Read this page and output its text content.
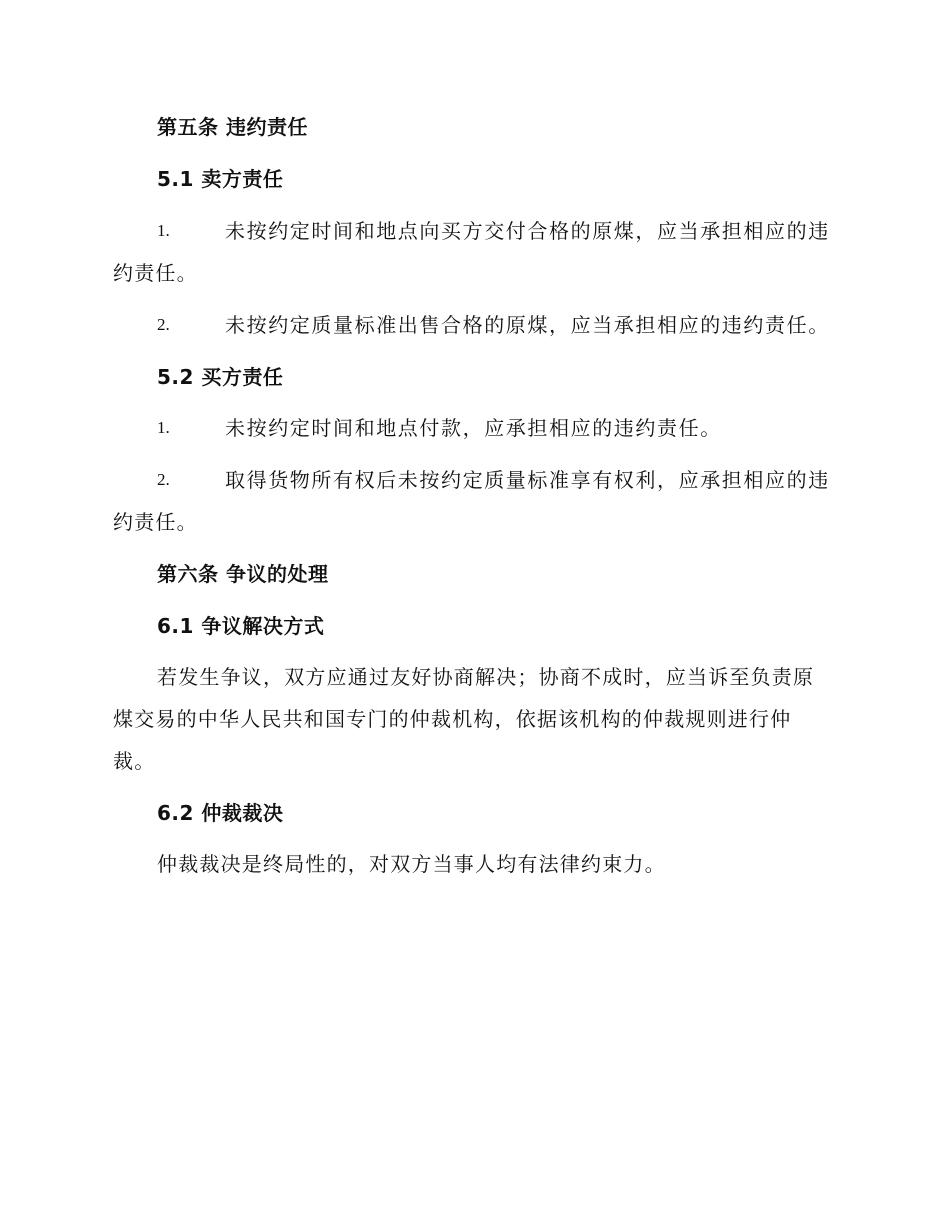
第五条 违约责任
5.1 卖方责任
1.	未按约定时间和地点向买方交付合格的原煤，应当承担相应的违
约责任。
2.	未按约定质量标准出售合格的原煤，应当承担相应的违约责任。
5.2 买方责任
1.	未按约定时间和地点付款，应承担相应的违约责任。
2.	取得货物所有权后未按约定质量标准享有权利，应承担相应的违
约责任。
第六条 争议的处理
6.1 争议解决方式
若发生争议，双方应通过友好协商解决；协商不成时，应当诉至负责原
煤交易的中华人民共和国专门的仲裁机构，依据该机构的仲裁规则进行仲
裁。
6.2 仲裁裁决
仲裁裁决是终局性的，对双方当事人均有法律约束力。
